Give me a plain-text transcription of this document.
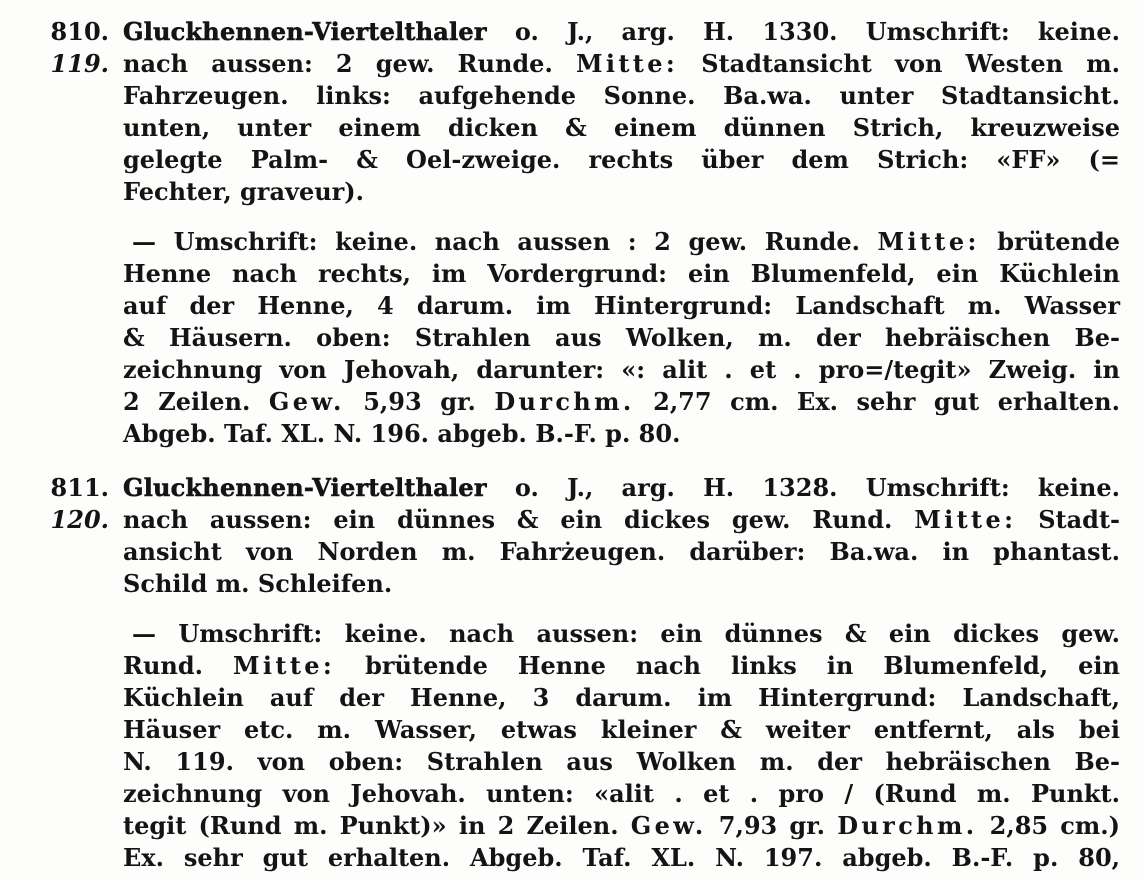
810.
119.
Gluckhennen-Viertelthaler o. J., arg. H. 1330. Umschrift: keine.
nach aussen: 2 gew. Runde. Mitte: Stadtansicht von Westen m.
Fahrzeugen. links: aufgehende Sonne. Ba.wa. unter Stadtansicht.
unten, unter einem dicken & einem dünnen Strich, kreuzweise
gelegte Palm- & Oel-zweige. rechts über dem Strich: «FF» (=
Fechter, graveur).
— Umschrift: keine. nach aussen : 2 gew. Runde. Mitte: brütende
Henne nach rechts, im Vordergrund: ein Blumenfeld, ein Küchlein
auf der Henne, 4 darum. im Hintergrund: Landschaft m. Wasser
& Häusern. oben: Strahlen aus Wolken, m. der hebräischen Be-
zeichnung von Jehovah, darunter: «: alit . et . pro=/tegit» Zweig. in
2 Zeilen. Gew. 5,93 gr. Durchm. 2,77 cm. Ex. sehr gut erhalten.
Abgeb. Taf. XL. N. 196. abgeb. B.-F. p. 80.
811.
120.
Gluckhennen-Viertelthaler o. J., arg. H. 1328. Umschrift: keine.
nach aussen: ein dünnes & ein dickes gew. Rund. Mitte: Stadt-
ansicht von Norden m. Fahrżeugen. darüber: Ba.wa. in phantast.
Schild m. Schleifen.
— Umschrift: keine. nach aussen: ein dünnes & ein dickes gew.
Rund. Mitte: brütende Henne nach links in Blumenfeld, ein
Küchlein auf der Henne, 3 darum. im Hintergrund: Landschaft,
Häuser etc. m. Wasser, etwas kleiner & weiter entfernt, als bei
N. 119. von oben: Strahlen aus Wolken m. der hebräischen Be-
zeichnung von Jehovah. unten: «alit . et . pro / (Rund m. Punkt.
tegit (Rund m. Punkt)» in 2 Zeilen. Gew. 7,93 gr. Durchm. 2,85 cm.)
Ex. sehr gut erhalten. Abgeb. Taf. XL. N. 197. abgeb. B.-F. p. 80,
